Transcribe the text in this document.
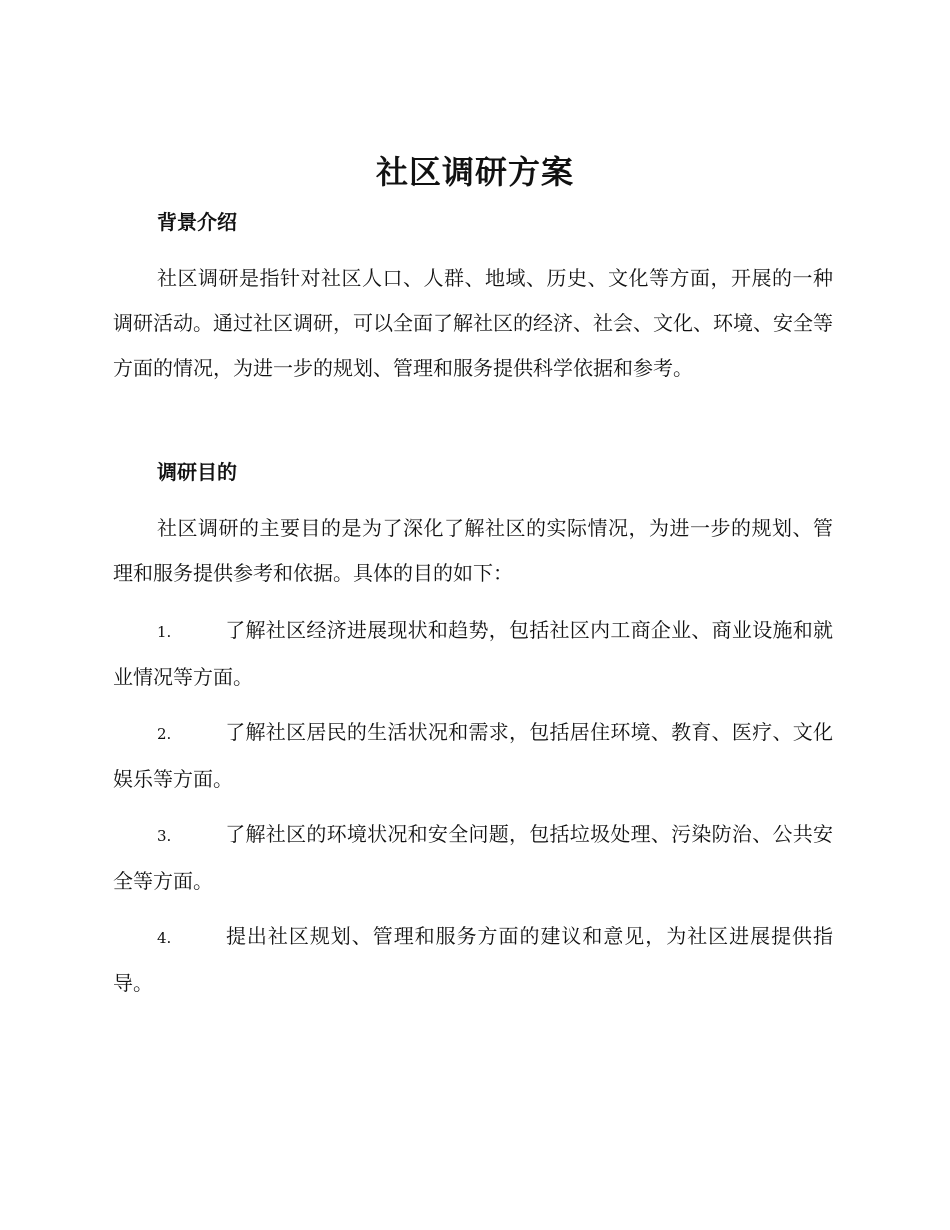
社区调研方案
背景介绍
社区调研是指针对社区人口、人群、地域、历史、文化等方面，开展的一种调研活动。通过社区调研，可以全面了解社区的经济、社会、文化、环境、安全等方面的情况，为进一步的规划、管理和服务提供科学依据和参考。
调研目的
社区调研的主要目的是为了深化了解社区的实际情况，为进一步的规划、管理和服务提供参考和依据。具体的目的如下：
1.	了解社区经济进展现状和趋势，包括社区内工商企业、商业设施和就业情况等方面。
2.	了解社区居民的生活状况和需求，包括居住环境、教育、医疗、文化娱乐等方面。
3.	了解社区的环境状况和安全问题，包括垃圾处理、污染防治、公共安全等方面。
4.	提出社区规划、管理和服务方面的建议和意见，为社区进展提供指导。
